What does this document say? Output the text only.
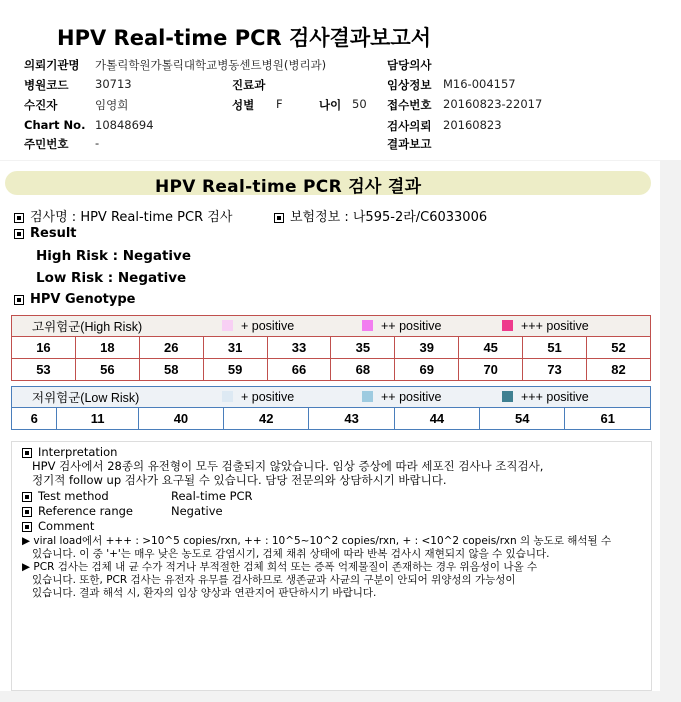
HPV Real-time PCR 검사결과보고서
의뢰기관명 가톨릭학원가톨릭대학교병동센트병원(병리과)
병원코드 30713	진료과
수진자	임영희	성별 F	나이 50
Chart No. 10848694
주민번호 -
담당의사
임상정보 M16-004157
접수번호 20160823-22017
검사의뢰 20160823
결과보고
HPV Real-time PCR 검사 결과
검사명 : HPV Real-time PCR 검사	보험정보 : 나595-2라/C6033006
Result
High Risk : Negative
Low Risk : Negative
HPV Genotype
고위험군(High Risk) + positive ++ positive +++ positive									

16	18	26	31	33	35	39	45	51	52
53	56	58	59	66	68	69	70	73	82
저위험군(Low Risk)	+ positive	++ positive	+++ positive

6	11	40	42	43	44	54	61
Interpretation
HPV 검사에서 28종의 유전형이 모두 검출되지 않았습니다. 임상 증상에 따라 세포진 검사나 조직검사,
정기적 follow up 검사가 요구될 수 있습니다. 담당 전문의와 상담하시기 바랍니다.
Test method	Real-time PCR
Reference range	Negative
Comment
▶ viral load에서 +++ : >10^5 copies/rxn, ++ : 10^5~10^2 copies/rxn, + : <10^2 copeis/rxn 의 농도로 해석될 수
있습니다. 이 중 '+'는 매우 낮은 농도로 감염시기, 검체 채취 상태에 따라 반복 검사시 재현되지 않을 수 있습니다.
▶ PCR 검사는 검체 내 균 수가 적거나 부적절한 검체 희석 또는 증폭 억제물질이 존재하는 경우 위음성이 나올 수
있습니다. 또한, PCR 검사는 유전자 유무를 검사하므로 생존균과 사균의 구분이 안되어 위양성의 가능성이
있습니다. 결과 해석 시, 환자의 임상 양상과 연관지어 판단하시기 바랍니다.
